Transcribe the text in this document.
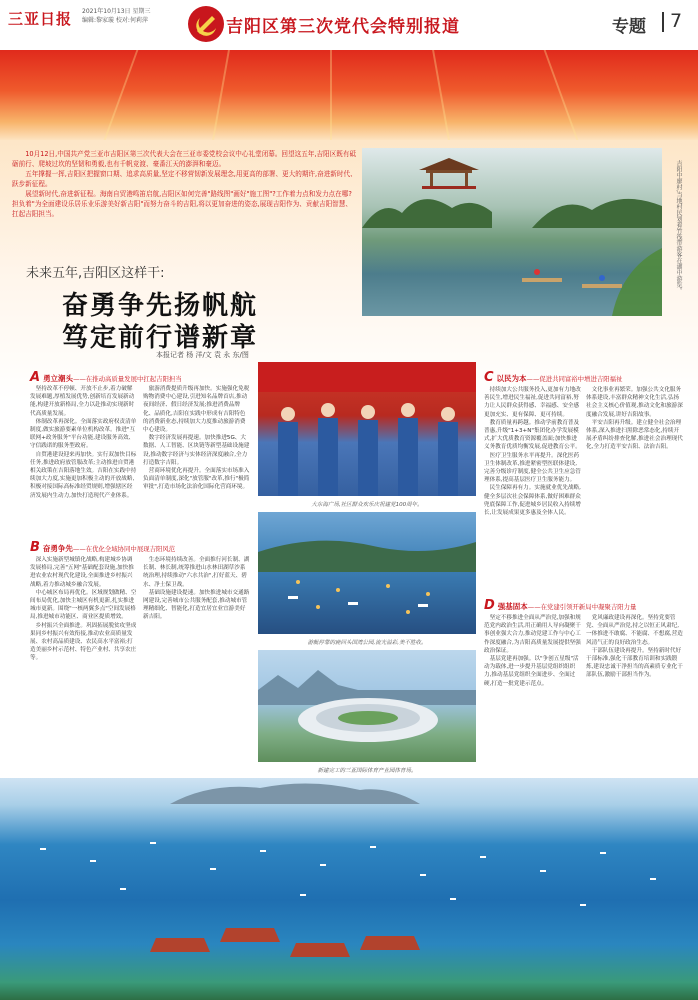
三亚日报 2021年10月13日 星期三
编辑:黎家璇 校对:何莉萍	吉阳区第三次党代会特别报道	专题 7

10月12日,中国共产党三亚市吉阳区第三次代表大会在三亚市委党校会议中心礼堂闭幕。回望这五年,吉阳区既有砥砺前行、爬坡过坎的坚韧和勇毅,也有千帆竞渡、豪番江天的澎湃和豪迈。

五年撑握一挥,吉阳区把握窗口期、追求高质量,坚定不移营韧新发展理念,用更高的部署、更大的期许,奋进新时代、跃步新征程。

展望新时代,奋进新征程。海南自贸港鸣笛启航,吉阳区如何完善"路线图"画好"施工图"?工作着力点和发力点在哪?担负着"为全面建设乐居乐业乐游美好新吉阳"而努力奋斗的吉阳,将以更加奋进的姿态,展现吉阳作为、贡献吉阳智慧、扛起吉阳担当。	吉阳中廖村,当地村民划着竹筏带游客在湖中游览。
未来五年,吉阳区这样干:
奋勇争先扬帆航
笃定前行谱新章
本报记者 杨 洋/文 袁 永 东/图
A勇立潮头——在推动高质量发展中扛起吉阳担当

坚持改革不停顿、开放不止步,着力破解发展难题,厚植发展优势,创新培育发展新动能,构建开放新格局,全力以赴推动实现新时代高质量发展。

体制改革再深化。全面落实政府权责清单制度,做实旅游要素单位机构改革。推进"互联网+政务服务"平台功能,建设服务高效、守信践诺的服务型政府。

自贸港建设迎来再加快。实行双加快目标任务,推进政府放管服改革;主动推进自贸港相关政策在吉阳落地生效。吉阳在实践中持续加大力度,实施更加积极主动的开放战略,积极对接国际高标准经贸规则,增强辖区经济发展内生动力,加快打造现代产业体系。

旅游消费提质升级再加快。实施强化免税购物消费中心建设,引进知名品牌首店,推动夜间经济、假日经济发展;推进消费品牌化、品质化,吉阳在实践中形成有吉阳特色的消费新业态,持续加大力度推动旅游消费中心建设。

数字经济发展再提速。加快推进5G、大数据、人工智能、区块链等新型基础设施建设,推动数字经济与实体经济深度融合,全力打造数字吉阳。

营商环境优化再提升。全面落实市场准入负面清单制度,深化"放管服"改革,推行"极简审批",打造市场化法治化国际化营商环境。

B奋勇争先——在优化全域协同中展现吉阳风范

深入实施新型城镇化战略,构建城乡协调发展格局,完善"五网"基础配套设施,加快推进农业农村现代化建设,全面推进乡村振兴战略,着力推动城乡融合发展。

中心城区布局再优化。区域规划做精、空间布局优化,加快主城区有机更新,扎实推进城市更新。围绕"一核两翼多点"空间发展格局,推进城市功能区、商业区提质增效。

乡村振兴全面推进。巩固拓展脱贫攻坚成果同乡村振兴有效衔接,推动农业高质量发展、农村高品质建设、农民高水平富裕;打造美丽乡村示范村、特色产业村、共享农庄等。

生态环境持续改善。全面推行河长制、湖长制、林长制,统筹推进山水林田湖草沙系统治理,持续推动"六水共治",打好蓝天、碧水、净土保卫战。

基础设施建设提速。加快推进城市交通路网建设,完善城市公共服务配套,推动城市管理精细化、智能化,打造宜居宜业宜游美好新吉阳。

大东海广场,社区群众欢乐庆祝建党100周年。
游艇停靠的鹿回头国湾公园,流光溢彩,美不胜收。
新建完工的三亚国际体育产业园体育场。
C以民为本——促进共同富裕中增进吉阳福祉

持续加大公共服务投入,更加有力地改善民生,增进民生福祉,促进共同富裕,努力让人民群众获得感、幸福感、安全感更加充实、更有保障、更可持续。

教育质量再跨越。推动学前教育普及普惠,升级"1+3+N"集团化办学发展模式,扩大优质教育资源覆盖面;加快推进义务教育优质均衡发展,促进教育公平。

医疗卫生服务水平再提升。深化医药卫生体制改革,推进紧密型医联体建设,完善分级诊疗制度,健全公共卫生应急管理体系,提高基层医疗卫生服务能力。

民生保障再有力。实施就业优先战略,健全多层次社会保障体系,做好困难群众兜底保障工作,促进城乡居民收入持续增长,让发展成果更多惠及全体人民。

文化事业再繁荣。加强公共文化服务体系建设,丰富群众精神文化生活,弘扬社会主义核心价值观,推动文化和旅游深度融合发展,讲好吉阳故事。

平安吉阳再升级。建立健全社会治理体系,深入推进扫黑除恶常态化,持续开展矛盾纠纷排查化解,推进社会治理现代化,全力打造平安吉阳、法治吉阳。

D强基固本——在党建引领开新局中凝聚吉阳力量

坚定不移推进全面从严治党,加强和规范党内政治生活,用正确用人导向凝聚干事创业强大合力,推动党建工作与中心工作深度融合,为吉阳高质量发展提供坚强政治保证。

基层党建再加强。以"争创五星级"活动为载体,进一步提升基层党组织组织力,推动基层党组织全面进步、全面过硬,打造一批党建示范点。

党风廉政建设再深化。坚持党要管党、全面从严治党,持之以恒正风肃纪,一体推进不敢腐、不能腐、不想腐,营造风清气正的良好政治生态。

干部队伍建设再提升。坚持新时代好干部标准,强化干部教育培训和实践锻炼,建设忠诚干净担当的高素质专业化干部队伍,激励干部担当作为。
